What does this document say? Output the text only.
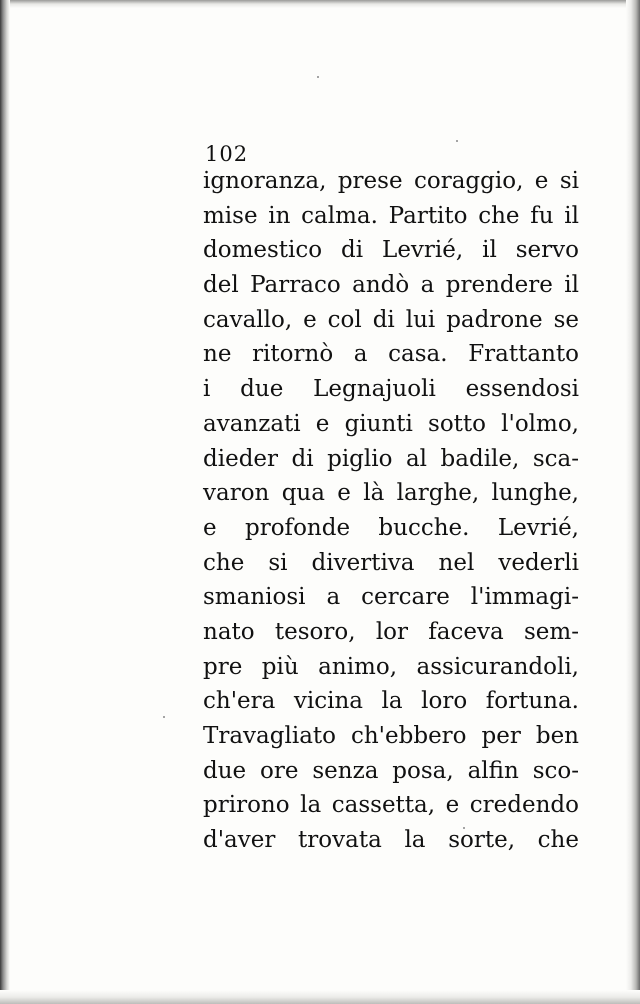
102
ignoranza, prese coraggio, e si
mise in calma. Partito che fu il
domestico di Levrié, il servo
del Parraco andò a prendere il
cavallo, e col di lui padrone se
ne ritornò a casa. Frattanto
i due Legnajuoli essendosi
avanzati e giunti sotto l'olmo,
dieder di piglio al badile, sca-
varon qua e là larghe, lunghe,
e profonde bucche. Levrié,
che si divertiva nel vederli
smaniosi a cercare l'immagi-
nato tesoro, lor faceva sem-
pre più animo, assicurandoli,
ch'era vicina la loro fortuna.
Travagliato ch'ebbero per ben
due ore senza posa, alfin sco-
prirono la cassetta, e credendo
d'aver trovata la sorte, che
